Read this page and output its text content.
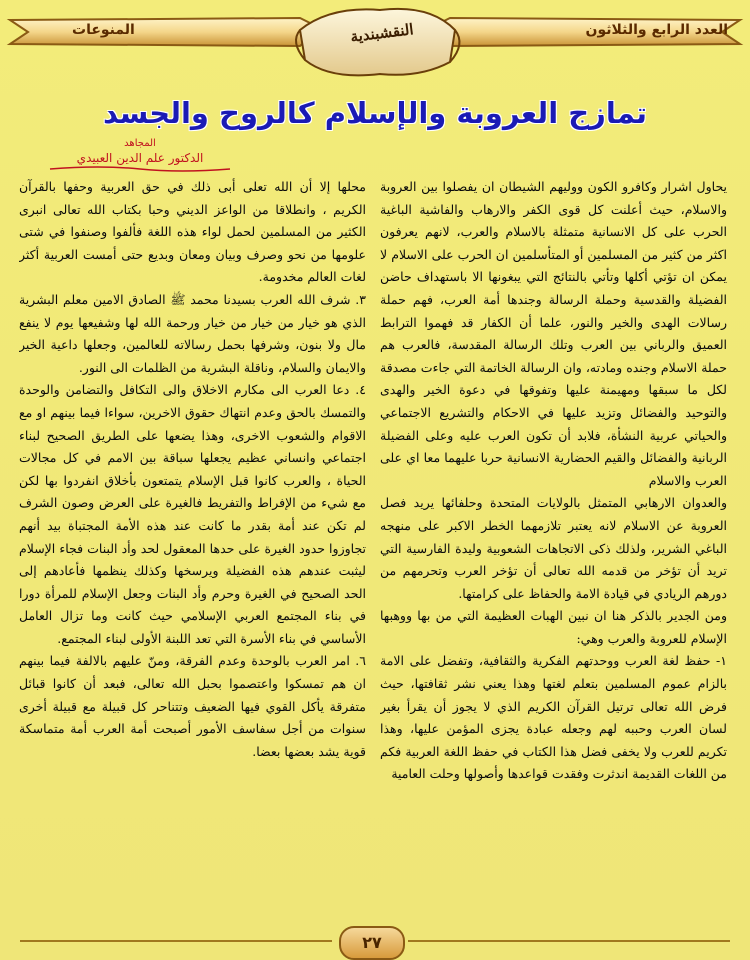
المنوعات	العدد الرابع والثلاثون
النقشبندية
تمازج العروبة والإسلام كالروح والجسد
المجاهد
الدكتور علم الدين العبيدي

يحاول اشرار وكافرو الكون ووليهم الشيطان ان يفصلوا بين العروبة والاسلام، حيث أعلنت كل قوى الكفر والارهاب والفاشية الباغية الحرب على كل الانسانية متمثلة بالاسلام والعرب، لانهم يعرفون اكثر من كثير من المسلمين أو المتأسلمين ان الحرب على الاسلام لا يمكن ان تؤتي أكلها وتأتي بالنتائج التي يبغونها الا باستهداف حاضن الفضيلة والقدسية وحملة الرسالة وجندها أمة العرب، فهم حملة رسالات الهدى والخير والنور، علما أن الكفار قد فهموا الترابط العميق والرباني بين العرب وتلك الرسالة المقدسة، فالعرب هم حملة الاسلام وجنده ومادته، وان الرسالة الخاتمة التي جاءت مصدقة لكل ما سبقها ومهيمنة عليها وتفوقها في دعوة الخير والهدى والتوحيد والفضائل وتزيد عليها في الاحكام والتشريع الاجتماعي والحياتي عربية النشأة، فلابد أن تكون العرب عليه وعلى الفضيلة الربانية والفضائل والقيم الحضارية الانسانية حربا عليهما معا اي على العرب والاسلام

والعدوان الارهابي المتمثل بالولايات المتحدة وحلفائها يريد فصل العروبة عن الاسلام لانه يعتبر تلازمهما الخطر الاكبر على منهجه الباغي الشرير، ولذلك ذكى الاتجاهات الشعوبية وليدة الفارسية التي تريد أن تؤخر من قدمه الله تعالى أن تؤخر العرب وتحرمهم من دورهم الريادي في قيادة الامة والحفاظ على كرامتها.

ومن الجدير بالذكر هنا ان نبين الهبات العظيمة التي من بها ووهبها الإسلام للعروبة والعرب وهي:

١- حفظ لغة العرب ووحدتهم الفكرية والثقافية، وتفضل على الامة بالزام عموم المسلمين بتعلم لغتها وهذا يعني نشر ثقافتها، حيث فرض الله تعالى ترتيل القرآن الكريم الذي لا يجوز أن يقرأ بغير لسان العرب وحببه لهم وجعله عبادة يجزى المؤمن عليها، وهذا تكريم للعرب ولا يخفى فضل هذا الكتاب في حفظ اللغة العربية فكم من اللغات القديمة اندثرت وفقدت قواعدها وأصولها وحلت العامية

محلها إلا أن الله تعلى أبى ذلك في حق العربية وحفها بالقرآن الكريم ، وانطلاقا من الواعز الديني وحبا بكتاب الله تعالى انبرى الكثير من المسلمين لحمل لواء هذه اللغة فألفوا وصنفوا في شتى علومها من نحو وصرف وبيان ومعان وبديع حتى أمست العربية أكثر لغات العالم مخدومة.

٣. شرف الله العرب بسيدنا محمد ﷺ الصادق الامين معلم البشرية الذي هو خيار من خيار من خيار ورحمة الله لها وشفيعها يوم لا ينفع مال ولا بنون، وشرفها بحمل رسالاته للعالمين، وجعلها داعية الخير والايمان والسلام، وناقلة البشرية من الظلمات الى النور.

٤. دعا العرب الى مكارم الاخلاق والى التكافل والتضامن والوحدة والتمسك بالحق وعدم انتهاك حقوق الاخرين، سواءا فيما بينهم او مع الاقوام والشعوب الاخرى، وهذا يضعها على الطريق الصحيح لبناء اجتماعي وانساني عظيم يجعلها سباقة بين الامم في كل مجالات الحياة ، والعرب كانوا قبل الإسلام يتمتعون بأخلاق انفردوا بها لكن مع شيء من الإفراط والتفريط فالغيرة على العرض وصون الشرف لم تكن عند أمة بقدر ما كانت عند هذه الأمة المجتباة بيد أنهم تجاوزوا حدود الغيرة على حدها المعقول لحد وأد البنات فجاء الإسلام ليثبت عندهم هذه الفضيلة ويرسخها وكذلك ينظمها فأعادهم إلى الحد الصحيح في الغيرة وحرم وأد البنات وجعل الإسلام للمرأة دورا في بناء المجتمع العربي الإسلامي حيث كانت وما تزال العامل الأساسي في بناء الأسرة التي تعد اللبنة الأولى لبناء المجتمع.

٦. امر العرب بالوحدة وعدم الفرقة، ومنّ عليهم بالالفة فيما بينهم ان هم تمسكوا واعتصموا بحبل الله تعالى، فبعد أن كانوا قبائل متفرقة يأكل القوي فيها الضعيف وتتناحر كل قبيلة مع قبيلة أخرى سنوات من أجل سفاسف الأمور أصبحت أمة العرب أمة متماسكة قوية يشد بعضها بعضا.

٢٧
